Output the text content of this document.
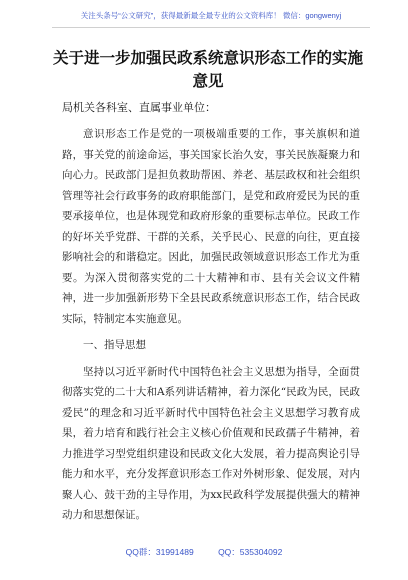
关注头条号“公文研究”，获得最新最全最专业的公文资料库！ 微信：gongwenyj
关于进一步加强民政系统意识形态工作的实施意见

局机关各科室、直属事业单位：

意识形态工作是党的一项极端重要的工作，事关旗帜和道路，事关党的前途命运，事关国家长治久安，事关民族凝聚力和向心力。民政部门是担负救助帮困、养老、基层政权和社会组织管理等社会行政事务的政府职能部门，是党和政府爱民为民的重要承接单位，也是体现党和政府形象的重要标志单位。民政工作的好坏关乎党群、干群的关系，关乎民心、民意的向往，更直接影响社会的和谐稳定。因此，加强民政领域意识形态工作尤为重要。为深入贯彻落实党的二十大精神和市、县有关会议文件精神，进一步加强新形势下全县民政系统意识形态工作，结合民政实际，特制定本实施意见。

一、指导思想

坚持以习近平新时代中国特色社会主义思想为指导，全面贯彻落实党的二十大和A系列讲话精神，着力深化“民政为民，民政爱民”的理念和习近平新时代中国特色社会主义思想学习教育成果，着力培育和践行社会主义核心价值观和民政孺子牛精神，着力推进学习型党组织建设和民政文化大发展，着力提高舆论引导能力和水平，充分发挥意识形态工作对外树形象、促发展，对内聚人心、鼓干劲的主导作用，为xx民政科学发展提供强大的精神动力和思想保证。

QQ群：31991489	QQ：535304092
